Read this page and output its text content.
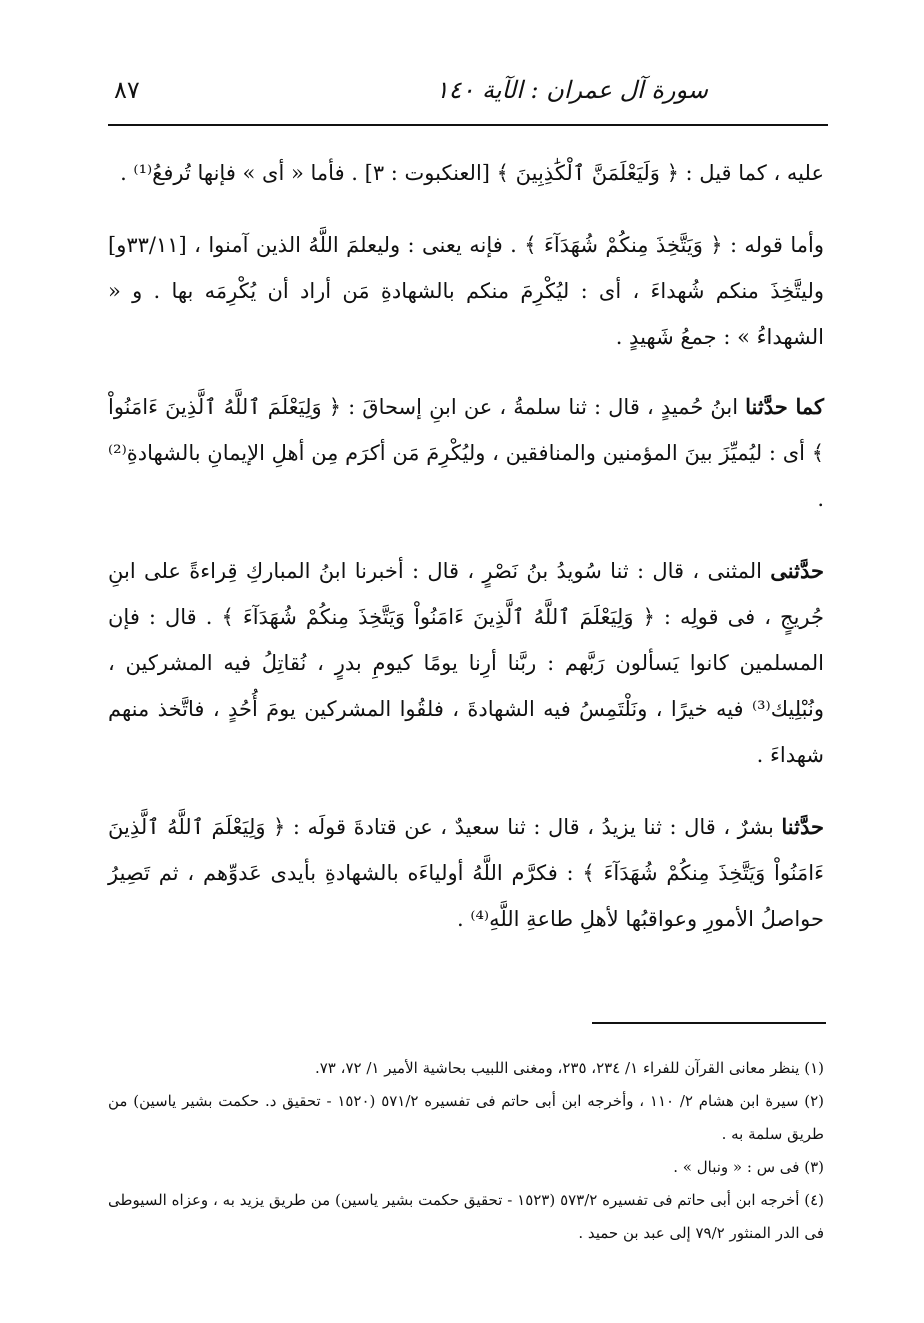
سورة آل عمران : الآية ١٤٠
٨٧

عليه ، كما قيل : ﴿ وَلَيَعْلَمَنَّ ٱلْكَٰذِبِينَ ﴾ [العنكبوت : ٣] . فأما « أى » فإنها تُرفعُ⁽¹⁾ .

وأما قوله : ﴿ وَيَتَّخِذَ مِنكُمْ شُهَدَآءَ ﴾ . فإنه يعنى : وليعلمَ اللَّهُ الذين آمنوا ، [٣٣/١١و] وليتَّخِذَ منكم شُهداءَ ، أى : ليُكْرِمَ منكم بالشهادةِ مَن أراد أن يُكْرِمَه بها . و « الشهداءُ » : جمعُ شَهيدٍ .

كما حدَّثنا ابنُ حُميدٍ ، قال : ثنا سلمةُ ، عن ابنِ إسحاقَ : ﴿ وَلِيَعْلَمَ ٱللَّهُ ٱلَّذِينَ ءَامَنُواْ ﴾ أى : ليُميِّزَ بينَ المؤمنين والمنافقين ، وليُكْرِمَ مَن أكرَم مِن أهلِ الإيمانِ بالشهادةِ⁽²⁾ .

حدَّثنى المثنى ، قال : ثنا سُويدُ بنُ نَصْرٍ ، قال : أخبرنا ابنُ المباركِ قِراءةً على ابنِ جُريجٍ ، فى قولِه : ﴿ وَلِيَعْلَمَ ٱللَّهُ ٱلَّذِينَ ءَامَنُواْ وَيَتَّخِذَ مِنكُمْ شُهَدَآءَ ﴾ . قال : فإن المسلمين كانوا يَسألون رَبَّهم : ربَّنا أرِنا يومًا كيومِ بدرٍ ، نُقاتِلُ فيه المشركين ، ونُبْلِيك⁽³⁾ فيه خيرًا ، ونَلْتَمِسُ فيه الشهادةَ ، فلقُوا المشركين يومَ أُحُدٍ ، فاتَّخذ منهم شهداءَ .

حدَّثنا بشرٌ ، قال : ثنا يزيدُ ، قال : ثنا سعيدٌ ، عن قتادةَ قولَه : ﴿ وَلِيَعْلَمَ ٱللَّهُ ٱلَّذِينَ ءَامَنُواْ وَيَتَّخِذَ مِنكُمْ شُهَدَآءَ ﴾ : فكرَّم اللَّهُ أولياءَه بالشهادةِ بأيدى عَدوِّهم ، ثم تَصِيرُ حواصلُ الأمورِ وعواقبُها لأهلِ طاعةِ اللَّهِ⁽⁴⁾ .

(١) ينظر معانى القرآن للفراء ١/ ٢٣٤، ٢٣٥، ومغنى اللبيب بحاشية الأمير ١/ ٧٢، ٧٣.

(٢) سيرة ابن هشام ٢/ ١١٠ ، وأخرجه ابن أبى حاتم فى تفسيره ٥٧١/٢ (١٥٢٠ - تحقيق د. حكمت بشير ياسين) من طريق سلمة به .

(٣) فى س : « ونبال » .

(٤) أخرجه ابن أبى حاتم فى تفسيره ٥٧٣/٢ (١٥٢٣ - تحقيق حكمت بشير ياسين) من طريق يزيد به ، وعزاه السيوطى فى الدر المنثور ٧٩/٢ إلى عبد بن حميد .
